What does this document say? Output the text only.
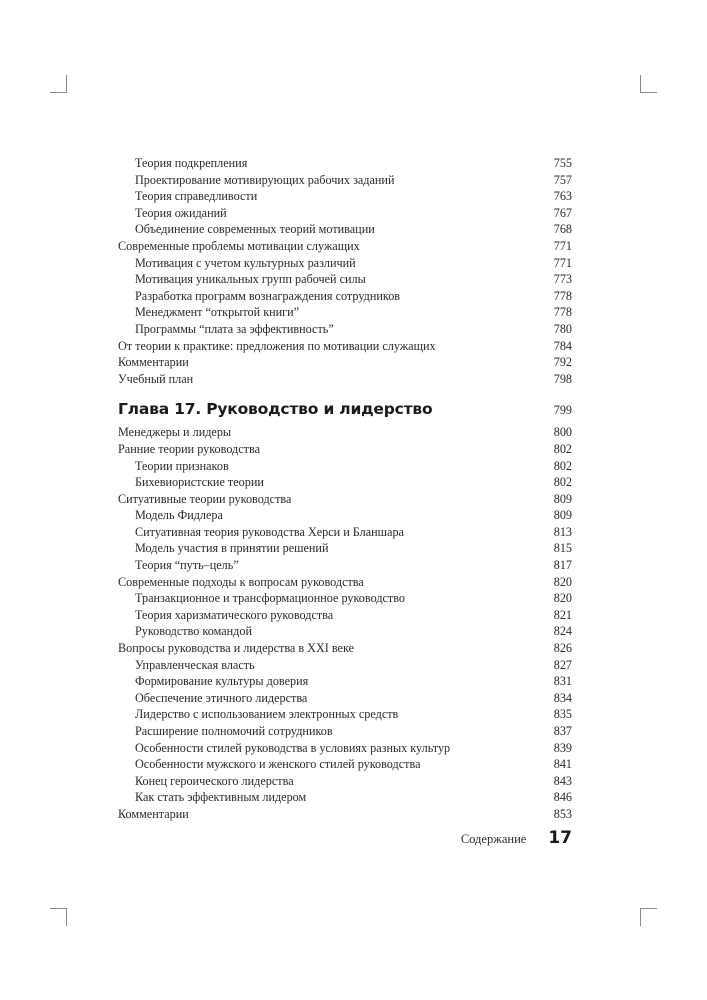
Теория подкрепления	755
Проектирование мотивирующих рабочих заданий	757
Теория справедливости	763
Теория ожиданий	767
Объединение современных теорий мотивации	768
Современные проблемы мотивации служащих	771
Мотивация с учетом культурных различий	771
Мотивация уникальных групп рабочей силы	773
Разработка программ вознаграждения сотрудников	778
Менеджмент “открытой книги”	778
Программы “плата за эффективность”	780
От теории к практике: предложения по мотивации служащих	784
Комментарии	792
Учебный план	798
Глава 17. Руководство и лидерство	799
Менеджеры и лидеры	800
Ранние теории руководства	802
Теории признаков	802
Бихевиористские теории	802
Ситуативные теории руководства	809
Модель Фидлера	809
Ситуативная теория руководства Херси и Бланшара	813
Модель участия в принятии решений	815
Теория “путь–цель”	817
Современные подходы к вопросам руководства	820
Транзакционное и трансформационное руководство	820
Теория харизматического руководства	821
Руководство командой	824
Вопросы руководства и лидерства в XXI веке	826
Управленческая власть	827
Формирование культуры доверия	831
Обеспечение этичного лидерства	834
Лидерство с использованием электронных средств	835
Расширение полномочий сотрудников	837
Особенности стилей руководства в условиях разных культур	839
Особенности мужского и женского стилей руководства	841
Конец героического лидерства	843
Как стать эффективным лидером	846
Комментарии	853
Содержание 17
